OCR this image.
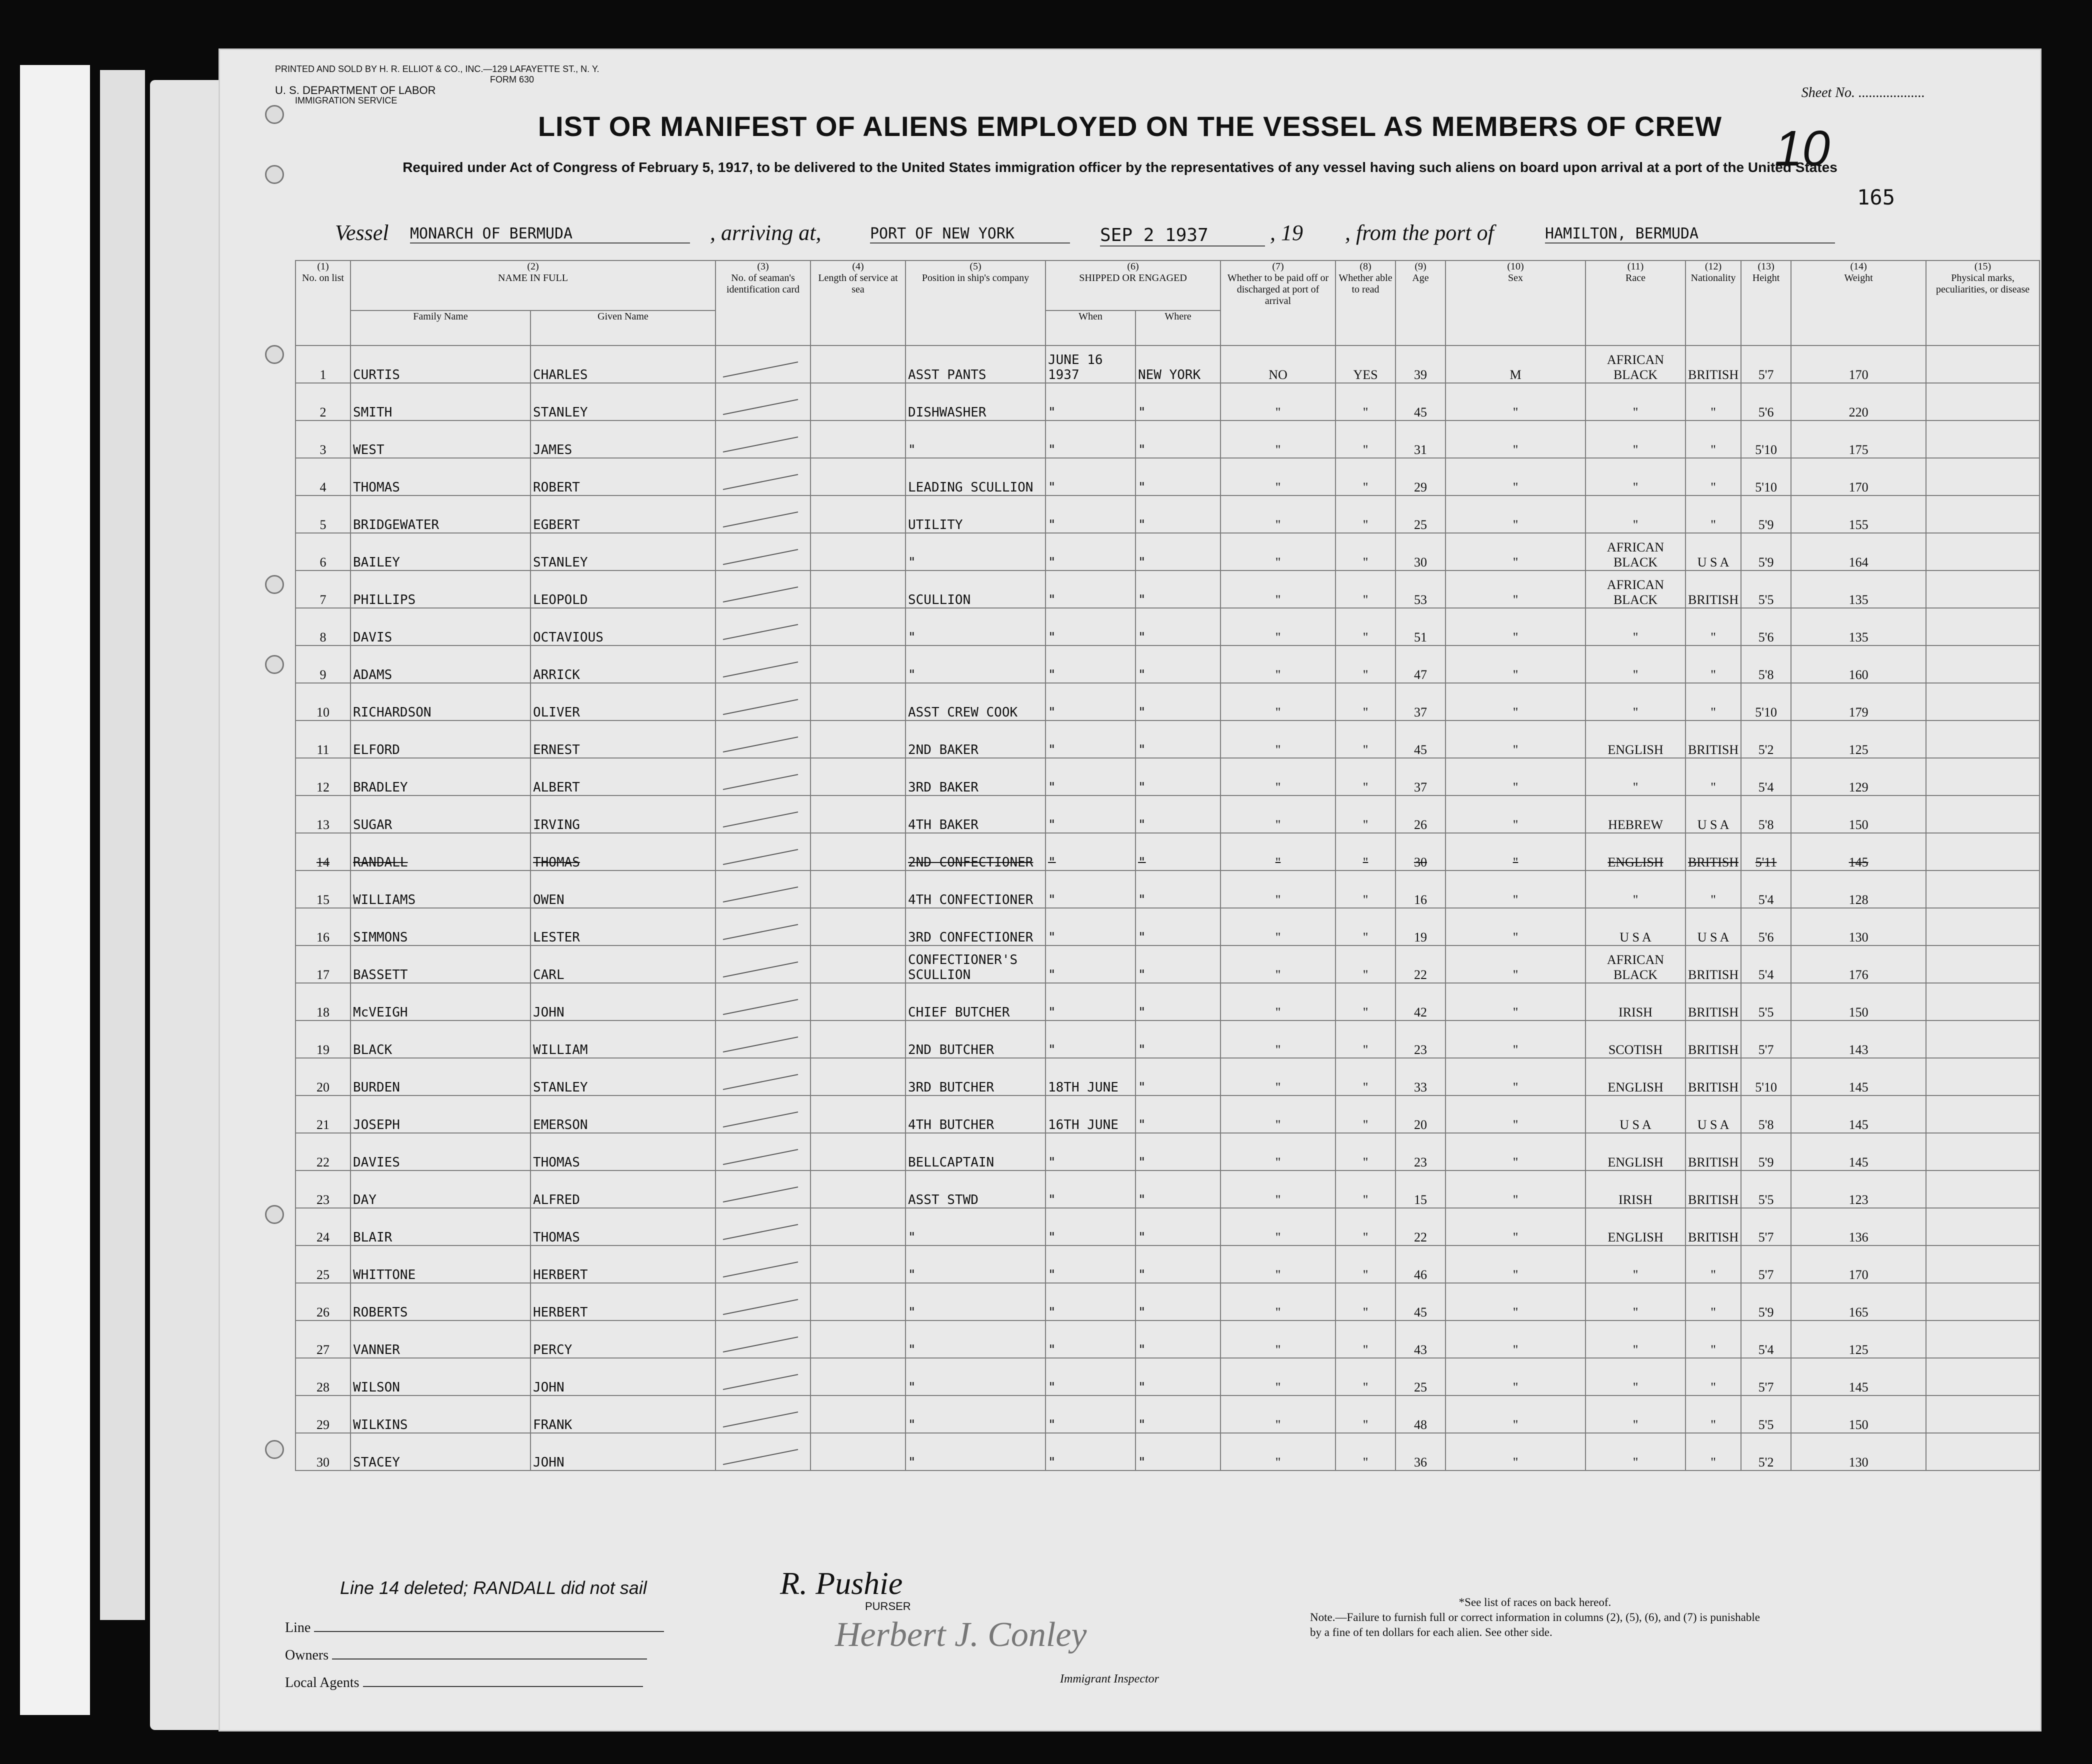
PRINTED AND SOLD BY H. R. ELLIOT & CO., INC.—129 LAFAYETTE ST., N. Y.
FORM 630
U. S. DEPARTMENT OF LABOR
IMMIGRATION SERVICE	Sheet No. ...................
10
LIST OR MANIFEST OF ALIENS EMPLOYED ON THE VESSEL AS MEMBERS OF CREW
Required under Act of Congress of February 5, 1917, to be delivered to the United States immigration officer by the representatives of any vessel having such aliens on board upon arrival at a port of the United States
165
Vessel MONARCH OF BERMUDA	, arriving at,	PORT OF NEW YORK	SEP 2 1937	, 19 , from the port of	HAMILTON, BERMUDA
(1)
No. on list	(2)
NAME IN FULL		(3)
No. of seaman's identification card	(4)
Length of service at sea	(5)
Position in ship's company	(6)
SHIPPED OR ENGAGED		(7)
Whether to be paid off or discharged at port of arrival	(8)
Whether able to read	(9)
Age	(10)
Sex	(11)
Race	(12)
Nationality	(13)
Height	(14)
Weight	(15)
Physical marks, peculiarities, or disease
	Family Name	Given Name				When	Where									
1	CURTIS	CHARLES			ASST PANTS	JUNE 16 1937	NEW YORK	NO	YES	39	M	AFRICAN BLACK	BRITISH	5'7	170	
2	SMITH	STANLEY			DISHWASHER	"	"	"	"	45	"	"	"	5'6	220	
3	WEST	JAMES			"	"	"	"	"	31	"	"	"	5'10	175	
4	THOMAS	ROBERT			LEADING SCULLION	"	"	"	"	29	"	"	"	5'10	170	
5	BRIDGEWATER	EGBERT			UTILITY	"	"	"	"	25	"	"	"	5'9	155	
6	BAILEY	STANLEY			"	"	"	"	"	30	"	AFRICAN BLACK	U S A	5'9	164	
7	PHILLIPS	LEOPOLD			SCULLION	"	"	"	"	53	"	AFRICAN BLACK	BRITISH	5'5	135	
8	DAVIS	OCTAVIOUS			"	"	"	"	"	51	"	"	"	5'6	135	
9	ADAMS	ARRICK			"	"	"	"	"	47	"	"	"	5'8	160	
10	RICHARDSON	OLIVER			ASST CREW COOK	"	"	"	"	37	"	"	"	5'10	179	
11	ELFORD	ERNEST			2ND BAKER	"	"	"	"	45	"	ENGLISH	BRITISH	5'2	125	
12	BRADLEY	ALBERT			3RD BAKER	"	"	"	"	37	"	"	"	5'4	129	
13	SUGAR	IRVING			4TH BAKER	"	"	"	"	26	"	HEBREW	U S A	5'8	150	
14	RANDALL	THOMAS			2ND CONFECTIONER	"	"	"	"	30	"	ENGLISH	BRITISH	5'11	145	
15	WILLIAMS	OWEN			4TH CONFECTIONER	"	"	"	"	16	"	"	"	5'4	128	
16	SIMMONS	LESTER			3RD CONFECTIONER	"	"	"	"	19	"	U S A	U S A	5'6	130	
17	BASSETT	CARL			CONFECTIONER'S SCULLION	"	"	"	"	22	"	AFRICAN BLACK	BRITISH	5'4	176	
18	McVEIGH	JOHN			CHIEF BUTCHER	"	"	"	"	42	"	IRISH	BRITISH	5'5	150	
19	BLACK	WILLIAM			2ND BUTCHER	"	"	"	"	23	"	SCOTISH	BRITISH	5'7	143	
20	BURDEN	STANLEY			3RD BUTCHER	18TH JUNE	"	"	"	33	"	ENGLISH	BRITISH	5'10	145	
21	JOSEPH	EMERSON			4TH BUTCHER	16TH JUNE	"	"	"	20	"	U S A	U S A	5'8	145	
22	DAVIES	THOMAS			BELLCAPTAIN	"	"	"	"	23	"	ENGLISH	BRITISH	5'9	145	
23	DAY	ALFRED			ASST STWD	"	"	"	"	15	"	IRISH	BRITISH	5'5	123	
24	BLAIR	THOMAS			"	"	"	"	"	22	"	ENGLISH	BRITISH	5'7	136	
25	WHITTONE	HERBERT			"	"	"	"	"	46	"	"	"	5'7	170	
26	ROBERTS	HERBERT			"	"	"	"	"	45	"	"	"	5'9	165	
27	VANNER	PERCY			"	"	"	"	"	43	"	"	"	5'4	125	
28	WILSON	JOHN			"	"	"	"	"	25	"	"	"	5'7	145	
29	WILKINS	FRANK			"	"	"	"	"	48	"	"	"	5'5	150	
30	STACEY	JOHN			"	"	"	"	"	36	"	"	"	5'2	130	
Line 14 deleted; RANDALL did not sail	R. Pushie
PURSER
Herbert J. Conley
Immigrant Inspector
Line
Owners
Local Agents
*See list of races on back hereof.
Note.—Failure to furnish full or correct information in columns (2), (5), (6), and (7) is punishable by a fine of ten dollars for each alien. See other side.
